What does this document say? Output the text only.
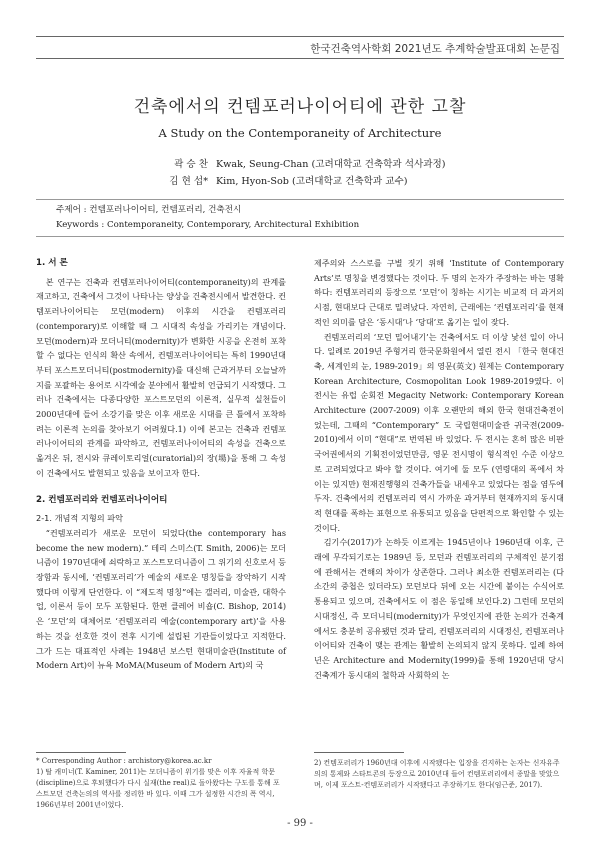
한국건축역사학회 2021년도 추계학술발표대회 논문집
건축에서의 컨템포러나이어티에 관한 고찰
A Study on the Contemporaneity of Architecture
곽 승 찬 Kwak, Seung-Chan (고려대학교 건축학과 석사과정)
김 현 섭* Kim, Hyon-Sob (고려대학교 건축학과 교수)
주제어 : 컨템포러나이어티, 컨템포러리, 건축전시
Keywords : Contemporaneity, Contemporary, Architectural Exhibition
1. 서 론

본 연구는 건축과 컨템포러나이어티(contemporaneity)의 관계를 재고하고, 건축에서 그것이 나타나는 양상을 건축전시에서 발견한다. 컨템포러나이어티는 모던(modern) 이후의 시간을 컨템포러리(contemporary)로 이해할 때 그 시대적 속성을 가리키는 개념이다. 모던(modern)과 모더니티(modernity)가 변화한 시공을 온전히 포착할 수 없다는 인식의 확산 속에서, 컨템포러나이어티는 특히 1990년대부터 포스트모더니티(postmodernity)를 대신해 근과거부터 오늘날까지를 포괄하는 용어로 시각예술 분야에서 활발히 언급되기 시작했다. 그러나 건축에서는 다종다양한 포스트모던의 이론적, 실무적 실천들이 2000년대에 들어 소강기를 맞은 이후 새로운 시대를 큰 틀에서 포착하려는 이론적 논의를 찾아보기 어려웠다.1) 이에 본고는 건축과 컨템포러나이어티의 관계를 파악하고, 컨템포러나이어티의 속성을 건축으로 옮겨온 뒤, 전시와 큐레이토리얼(curatorial)의 장(場)을 통해 그 속성이 건축에서도 발현되고 있음을 보이고자 한다.

2. 컨템포러리와 컨템포러나이어티
2-1. 개념적 지형의 파악

“컨템포러리가 새로운 모던이 되었다(the contemporary has become the new modern).” 테리 스미스(T. Smith, 2006)는 모더니즘이 1970년대에 쇠락하고 포스트모더니즘이 그 위기의 신호로서 등장함과 동시에, ‘컨템포러리’가 예술의 새로운 명칭들을 장악하기 시작했다며 이렇게 단언한다. 이 “제도적 명칭”에는 갤러리, 미술관, 대학수업, 이론서 등이 모두 포함된다. 한편 클레어 비숍(C. Bishop, 2014)은 ‘모던’의 대체어로 ‘컨템포러리 예술(contemporary art)’을 사용하는 것을 선호한 것이 전후 시기에 설립된 기관들이었다고 지적한다. 그가 드는 대표적인 사례는 1948년 보스턴 현대미술관(Institute of Modern Art)이 뉴욕 MoMA(Museum of Modern Art)의 국

제주의와 스스로를 구별 짓기 위해 ‘Institute of Contemporary Arts’로 명칭을 변경했다는 것이다. 두 명의 논자가 주장하는 바는 명확하다: 컨템포러리의 등장으로 ‘모던’이 칭하는 시기는 비교적 더 과거의 시점, 현대보다 근대로 밀려났다. 자연히, 근래에는 ‘컨템포러리’를 현재적인 의미를 담은 ‘동시대’나 ‘당대’로 옮기는 일이 잦다.

컨템포러리의 ‘모던 밀어내기’는 건축에서도 더 이상 낯선 일이 아니다. 일례로 2019년 주형거리 한국문화원에서 열린 전시 「한국 현대건축, 세계인의 눈, 1989-2019」의 영문(英文) 원제는 Contemporary Korean Architecture, Cosmopolitan Look 1989-2019였다. 이 전시는 유럽 순회전 Megacity Network: Contemporary Korean Architecture (2007-2009) 이후 오랜만의 해외 한국 현대건축전이었는데, 그때의 “Contemporary” 도 국립현대미술관 귀국전(2009-2010)에서 이미 “현대”로 번역된 바 있었다. 두 전시는 혼히 많은 비판국어권에서의 기획전이었던만큼, 영문 전시명이 형식적인 수준 이상으로 고려되었다고 봐야 할 것이다. 여기에 둘 모두 (연령대의 폭에서 차이는 있지만) 현재진행형의 건축가들을 내세우고 있었다는 점을 염두에 두자. 건축에서의 컨템포러리 역시 가까운 과거부터 현재까지의 동시대적 현대를 폭하는 표현으로 유통되고 있음을 단편적으로 확인할 수 있는 것이다.

김기수(2017)가 논하듯 이르게는 1945년이나 1960년대 이후, 근래에 무각되기로는 1989년 등, 모던과 컨템포러리의 구체적인 분기점에 관해서는 견해의 차이가 상존한다. 그러나 최소한 컨템포러리는 (다소간의 중첩은 있더라도) 모던보다 뒤에 오는 시간에 붙이는 수식어로 통용되고 있으며, 건축에서도 이 점은 동일해 보인다.2) 그런데 모던의 시대정신, 즉 모더니티(modernity)가 무엇인지에 관한 논의가 건축계에서도 충분히 공유됐던 것과 달리, 컨템포러리의 시대정신, 컨템포러나이어티와 건축이 맺는 관계는 활발히 논의되지 않지 못하다. 일례 하여년은 Architecture and Modernity(1999)를 통해 1920년대 당시 건축계가 동시대의 철학과 사회학의 논

* Corresponding Author : archistory@korea.ac.kr
1) 탈 캐미너(T. Kaminer, 2011)는 모더니즘이 위기를 맞은 이후 자율적 학문(discipline)으로 후퇴했다가 다시 실재(the real)로 돌아왔다는 구도를 통해 포스트모던 건축논의의 역사를 정리한 바 있다. 이때 그가 설정한 시간의 폭 역시, 1966년부터 2001년이었다.
2) 컨템포러리가 1960년대 이후에 시작됐다는 입장을 견지하는 논자는 신자유주의의 통제와 스타트콘의 등장으로 2010년대 들어 컨템포러리에서 종말을 맞았으며, 이제 포스트-컨템포러리가 시작됐다고 주장하기도 한다(임근준, 2017).
- 99 -
